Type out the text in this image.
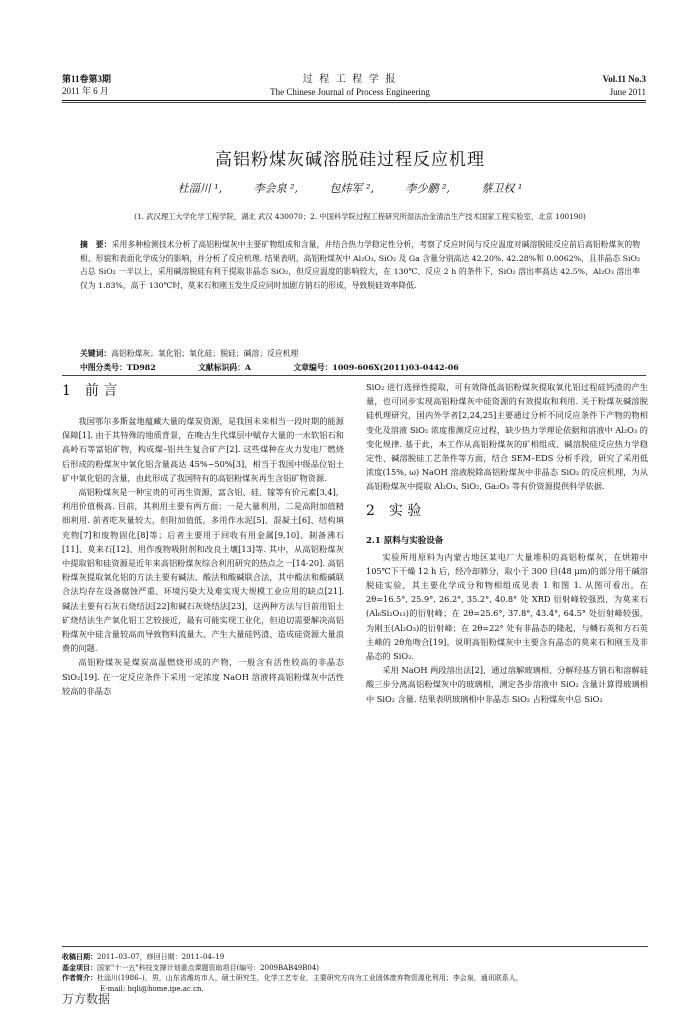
第11卷第3期
2011 年 6 月
过 程 工 程 学 报
The Chinese Journal of Process Engineering
Vol.11 No.3
June 2011
高铝粉煤灰碱溶脱硅过程反应机理
杜淄川 ¹,	李会泉 ²,	包炜军 ²,	李少鹏 ²,	蔡卫权 ¹
(1. 武汉理工大学化学工程学院，湖北 武汉 430070；2. 中国科学院过程工程研究所湿法冶金清洁生产技术国家工程实验室，北京 100190)
摘　要：采用多种检测技术分析了高铝粉煤灰中主要矿物组成和含量，并结合热力学稳定性分析，考察了反应时间与反应温度对碱溶脱硅反应前后高铝粉煤灰的物相、形貌和表面化学成分的影响，并分析了反应机理. 结果表明，高铝粉煤灰中 Al₂O₃, SiO₂ 及 Ga 含量分别高达 42.20%, 42.28%和 0.0062%，且非晶态 SiO₂ 占总 SiO₂ 一半以上，采用碱溶脱硅有利于提取非晶态 SiO₂，但反应温度的影响较大，在 130℃、反应 2 h 的条件下，SiO₂ 溶出率高达 42.5%，Al₂O₃ 溶出率仅为 1.83%，高于 130℃时，莫来石和刚玉发生反应同时加剧方钠石的形成，导致脱硅效率降低.
关键词：高铝粉煤灰；氧化铝；氧化硅；脱硅；碱溶；反应机理
中图分类号：TD982	文献标识码：A	文章编号：1009-606X(2011)03-0442-06
1 前 言

我国鄂尔多斯盆地蕴藏大量的煤炭资源，是我国未来相当一段时期的能源保障[1]. 由于其特殊的地质背景，在晚古生代煤层中赋存大量的一水软铝石和高岭石等富铝矿物，构成煤–铝共生复合矿产[2]. 这些煤种在火力发电厂燃烧后形成的粉煤灰中氧化铝含量高达 45%~50%[3]，相当于我国中级品位铝土矿中氧化铝的含量，由此形成了我国特有的高铝粉煤灰再生含铝矿物资源.

高铝粉煤灰是一种宝贵的可再生资源，富含铝、硅、镓等有价元素[3,4]，利用价值极高. 目前，其利用主要有两方面：一是大量利用，二是高附加值精细利用. 前者吃灰量较大，但附加值低，多用作水泥[5]、混凝土[6]、结构填充物[7]和废物固化[8]等；后者主要用于回收有用金属[9,10]、制备沸石[11]、莫来石[12]、用作废物吸附剂和改良土壤[13]等. 其中，从高铝粉煤灰中提取铝和硅资源是近年来高铝粉煤灰综合利用研究的热点之一[14-20]. 高铝粉煤灰提取氧化铝的方法主要有碱法、酸法和酸碱联合法，其中酸法和酸碱联合法均存在设备腐蚀严重、环境污染大及难实现大规模工业应用的缺点[21]. 碱法主要有石灰石烧结法[22]和碱石灰烧结法[23]，这两种方法与目前用铝土矿烧结法生产氧化铝工艺较接近，最有可能实现工业化，但迫切需要解决高铝粉煤灰中硅含量较高而导致物料流量大、产生大量硅钙渣、造成硅资源大量浪费的问题.

高铝粉煤灰是煤炭高温燃烧形成的产物，一般含有活性较高的非晶态 SiO₂[19]. 在一定反应条件下采用一定浓度 NaOH 溶液将高铝粉煤灰中活性较高的非晶态

SiO₂ 进行选择性提取，可有效降低高铝粉煤灰提取氧化铝过程硅钙渣的产生量，也可同步实现高铝粉煤灰中硅资源的有效提取和利用. 关于粉煤灰碱溶脱硅机理研究，国内外学者[2,24,25]主要通过分析不同反应条件下产物的物相变化及溶液 SiO₂ 浓度推测反应过程，缺少热力学理论依据和溶液中 Al₂O₃ 的变化规律. 基于此，本工作从高铝粉煤灰的矿相组成、碱溶脱硅反应热力学稳定性、碱溶脱硅工艺条件等方面，结合 SEM–EDS 分析手段，研究了采用低浓度(15%, ω) NaOH 溶液脱除高铝粉煤灰中非晶态 SiO₂ 的反应机理，为从高铝粉煤灰中提取 Al₂O₃, SiO₂, Ga₂O₃ 等有价资源提供科学依据.

2 实 验
2.1 原料与实验设备

实验所用原料为内蒙古地区某电厂大量堆积的高铝粉煤灰，在烘箱中 105℃下干燥 12 h 后，经冷却筛分，取小于 300 目(48 μm)的部分用于碱溶脱硅实验，其主要化学成分和物相组成见表 1 和图 1. 从图可看出，在 2θ=16.5°, 25.9°, 26.2°, 35.2°, 40.8° 处 XRD 衍射峰较强烈，为莫来石(Al₆Si₂O₁₃)的衍射峰；在 2θ=25.6°, 37.8°, 43.4°, 64.5° 处衍射峰较强，为刚玉(Al₂O₃)的衍射峰；在 2θ=22° 处有非晶态的隆起，与鳞石英和方石英主峰的 2θ角吻合[19]，说明高铝粉煤灰中主要含有晶态的莫来石和刚玉及非晶态的 SiO₂.

采用 NaOH 两段溶出法[2]，通过溶解玻璃相、分解羟基方钠石和溶解硅酸三步分离高铝粉煤灰中的玻璃相，测定各步溶液中 SiO₂ 含量计算得玻璃相中 SiO₂ 含量. 结果表明玻璃相中非晶态 SiO₂ 占粉煤灰中总 SiO₂

收稿日期：2011–03–07，修回日期：2011–04–19
基金项目：国家"十一五"科技支撑计划重点课题资助项目(编号：2009BAB49B04)
作者简介：杜淄川(1986–)，男，山东省潍坊市人，硕士研究生，化学工艺专业，主要研究方向为工业固体废弃物资源化利用；李会泉，通讯联系人，
E-mail: hqli@home.ipe.ac.cn.
万方数据
